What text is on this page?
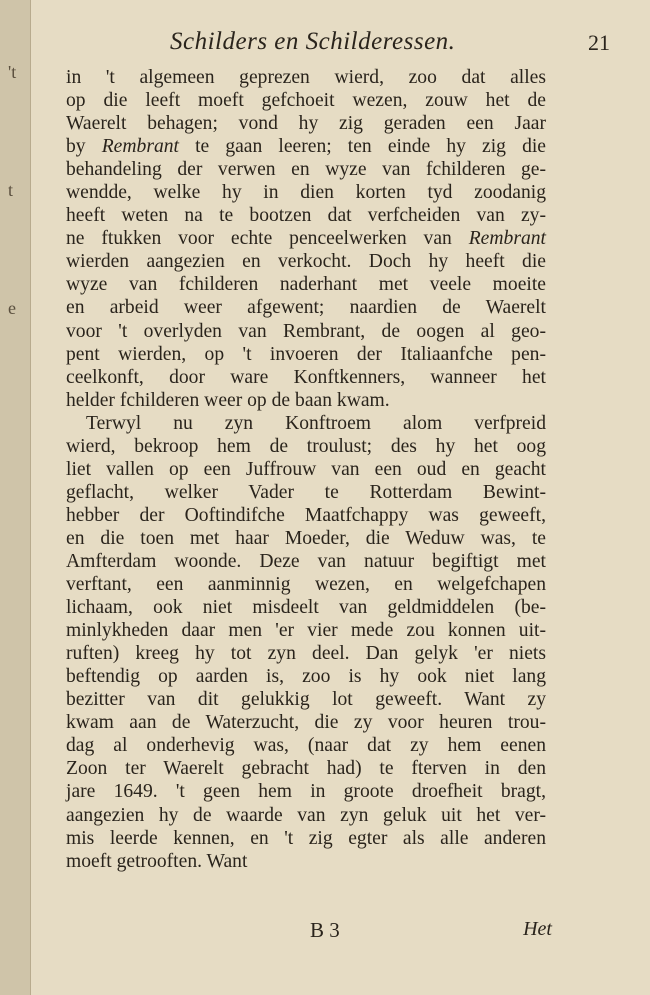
't
t
e
Schilders en Schilderessen.	21
in 't algemeen geprezen wierd, zoo dat alles
op die leeft moeft gefchoeit wezen, zouw het de
Waerelt behagen; vond hy zig geraden een Jaar
by Rembrant te gaan leeren; ten einde hy zig die
behandeling der verwen en wyze van fchilderen ge-
wendde, welke hy in dien korten tyd zoodanig
heeft weten na te bootzen dat verfcheiden van zy-
ne ftukken voor echte penceelwerken van Rembrant
wierden aangezien en verkocht. Doch hy heeft die
wyze van fchilderen naderhant met veele moeite
en arbeid weer afgewent; naardien de Waerelt
voor 't overlyden van Rembrant, de oogen al geo-
pent wierden, op 't invoeren der Italiaanfche pen-
ceelkonft, door ware Konftkenners, wanneer het
helder fchilderen weer op de baan kwam.
Terwyl nu zyn Konftroem alom verfpreid
wierd, bekroop hem de troulust; des hy het oog
liet vallen op een Juffrouw van een oud en geacht
geflacht, welker Vader te Rotterdam Bewint-
hebber der Ooftindifche Maatfchappy was geweeft,
en die toen met haar Moeder, die Weduw was, te
Amfterdam woonde. Deze van natuur begiftigt met
verftant, een aanminnig wezen, en welgefchapen
lichaam, ook niet misdeelt van geldmiddelen (be-
minlykheden daar men 'er vier mede zou konnen uit-
ruften) kreeg hy tot zyn deel. Dan gelyk 'er niets
beftendig op aarden is, zoo is hy ook niet lang
bezitter van dit gelukkig lot geweeft. Want zy
kwam aan de Waterzucht, die zy voor heuren trou-
dag al onderhevig was, (naar dat zy hem eenen
Zoon ter Waerelt gebracht had) te fterven in den
jare 1649. 't geen hem in groote droefheit bragt,
aangezien hy de waarde van zyn geluk uit het ver-
mis leerde kennen, en 't zig egter als alle anderen
moeft getrooften. Want
B 3	Het
